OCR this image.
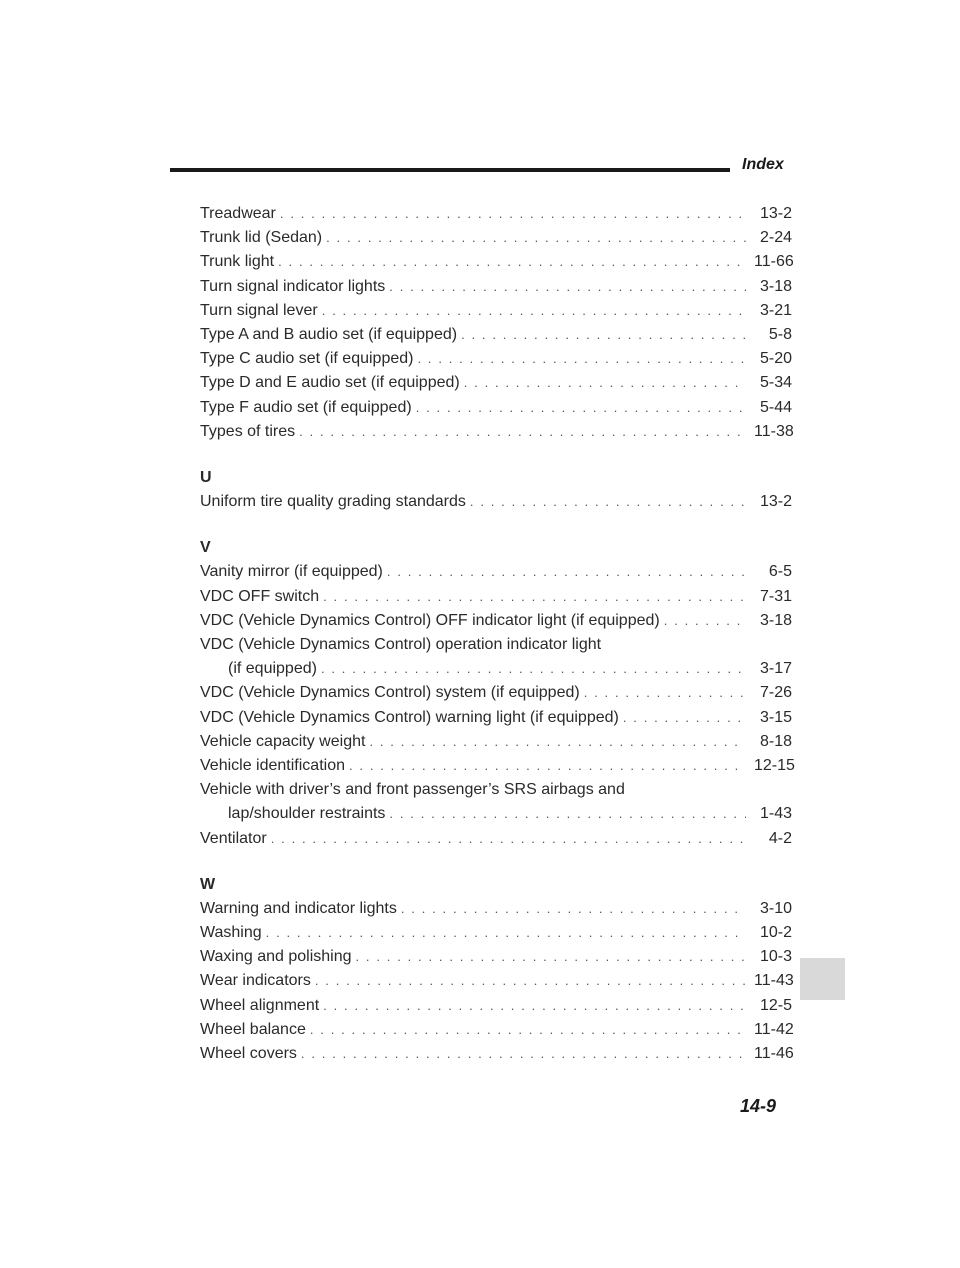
Index
Treadwear . . .	13-2
Trunk lid (Sedan) . . .	2-24
Trunk light . . .	11-66
Turn signal indicator lights . . .	3-18
Turn signal lever . . .	3-21
Type A and B audio set (if equipped) . . .	5-8
Type C audio set (if equipped) . . .	5-20
Type D and E audio set (if equipped) . . .	5-34
Type F audio set (if equipped) . . .	5-44
Types of tires . . .	11-38
U
Uniform tire quality grading standards . . .	13-2
V
Vanity mirror (if equipped) . . .	6-5
VDC OFF switch . . .	7-31
VDC (Vehicle Dynamics Control) OFF indicator light (if equipped) . . .	3-18
VDC (Vehicle Dynamics Control) operation indicator light
(if equipped) . . .	3-17
VDC (Vehicle Dynamics Control) system (if equipped) . . .	7-26
VDC (Vehicle Dynamics Control) warning light (if equipped) . . .	3-15
Vehicle capacity weight . . .	8-18
Vehicle identification . . .	12-15
Vehicle with driver’s and front passenger’s SRS airbags and
lap/shoulder restraints . . .	1-43
Ventilator . . .	4-2
W
Warning and indicator lights . . .	3-10
Washing . . .	10-2
Waxing and polishing . . .	10-3
Wear indicators . . .	11-43
Wheel alignment . . .	12-5
Wheel balance . . .	11-42
Wheel covers . . .	11-46
14-9
